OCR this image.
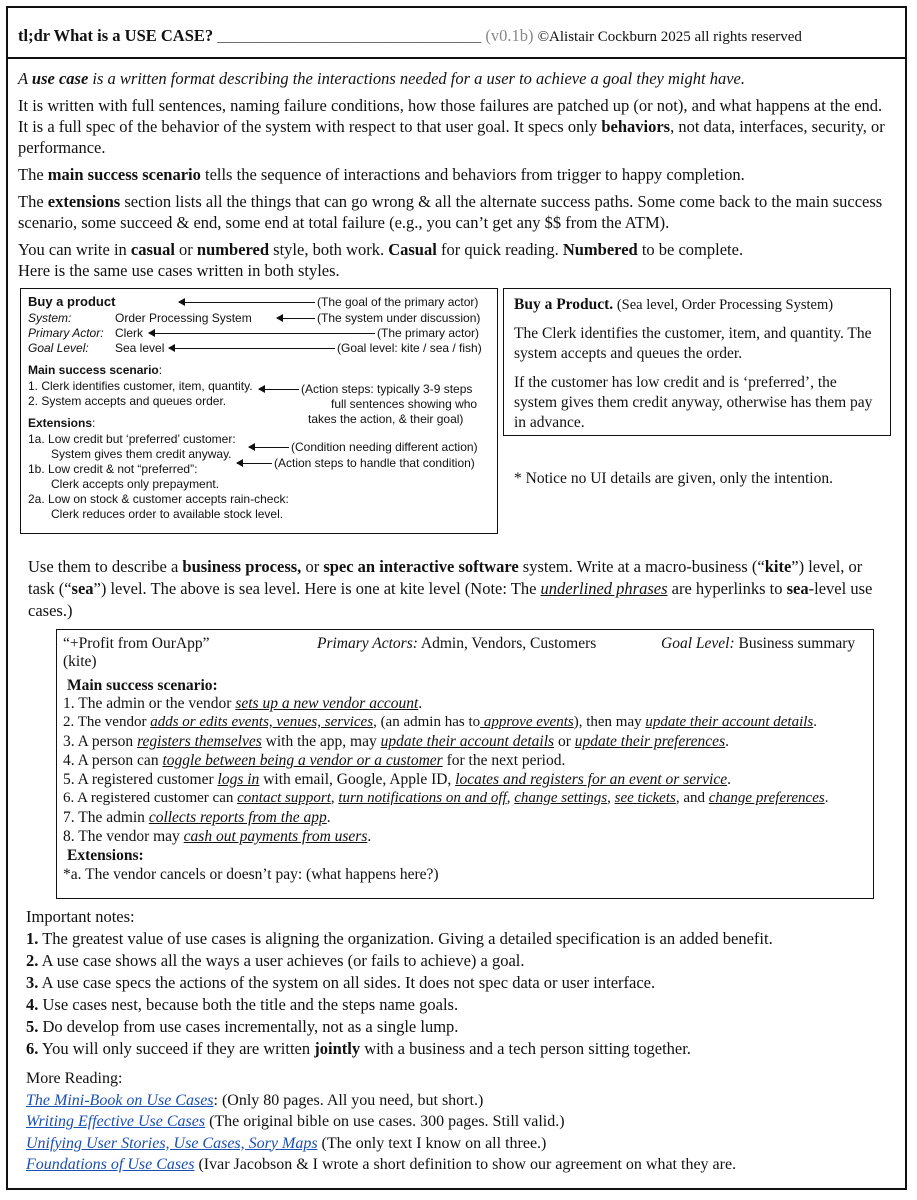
tl;dr What is a USE CASE? ________________________________ (v0.1b) ©Alistair Cockburn 2025 all rights reserved

A use case is a written format describing the interactions needed for a user to achieve a goal they might have.

It is written with full sentences, naming failure conditions, how those failures are patched up (or not), and what happens at the end. It is a full spec of the behavior of the system with respect to that user goal. It specs only behaviors, not data, interfaces, security, or performance.

The main success scenario tells the sequence of interactions and behaviors from trigger to happy completion.

The extensions section lists all the things that can go wrong & all the alternate success paths. Some come back to the main success scenario, some succeed & end, some end at total failure (e.g., you can’t get any $$ from the ATM).

You can write in casual or numbered style, both work. Casual for quick reading. Numbered to be complete.
Here is the same use cases written in both styles.

Buy a product
System:	Order Processing System
Primary Actor: Clerk
Goal Level: Sea level
Main success scenario:
1. Clerk identifies customer, item, quantity.
2. System accepts and queues order.
Extensions:
1a. Low credit but ‘preferred’ customer:
System gives them credit anyway.
1b. Low credit & not “preferred”:
Clerk accepts only prepayment.
2a. Low on stock & customer accepts rain-check:
Clerk reduces order to available stock level.
(The goal of the primary actor)
(The system under discussion)
(The primary actor)
(Goal level: kite / sea / fish)
(Action steps: typically 3-9 steps
full sentences showing who
takes the action, & their goal)
(Condition needing different action)
(Action steps to handle that condition)
Buy a Product. (Sea level, Order Processing System)

The Clerk identifies the customer, item, and quantity. The system accepts and queues the order.

If the customer has low credit and is ‘preferred’, the system gives them credit anyway, otherwise has them pay in advance.

* Notice no UI details are given, only the intention.
Use them to describe a business process, or spec an interactive software system. Write at a macro-business (“kite”) level, or task (“sea”) level. The above is sea level. Here is one at kite level (Note: The underlined phrases are hyperlinks to sea-level use cases.)
“+Profit from OurApp”
(kite)
Primary Actors: Admin, Vendors, Customers	Goal Level: Business summary
Main success scenario:
1. The admin or the vendor sets up a new vendor account.
2. The vendor adds or edits events, venues, services, (an admin has to approve events), then may update their account details.
3. A person registers themselves with the app, may update their account details or update their preferences.
4. A person can toggle between being a vendor or a customer for the next period.
5. A registered customer logs in with email, Google, Apple ID, locates and registers for an event or service.
6. A registered customer can contact support, turn notifications on and off, change settings, see tickets, and change preferences.
7. The admin collects reports from the app.
8. The vendor may cash out payments from users.
Extensions:
*a. The vendor cancels or doesn’t pay: (what happens here?)
Important notes:
1. The greatest value of use cases is aligning the organization. Giving a detailed specification is an added benefit.
2. A use case shows all the ways a user achieves (or fails to achieve) a goal.
3. A use case specs the actions of the system on all sides. It does not spec data or user interface.
4. Use cases nest, because both the title and the steps name goals.
5. Do develop from use cases incrementally, not as a single lump.
6. You will only succeed if they are written jointly with a business and a tech person sitting together.
More Reading:
The Mini-Book on Use Cases: (Only 80 pages. All you need, but short.)
Writing Effective Use Cases (The original bible on use cases. 300 pages. Still valid.)
Unifying User Stories, Use Cases, Sory Maps (The only text I know on all three.)
Foundations of Use Cases (Ivar Jacobson & I wrote a short definition to show our agreement on what they are.
